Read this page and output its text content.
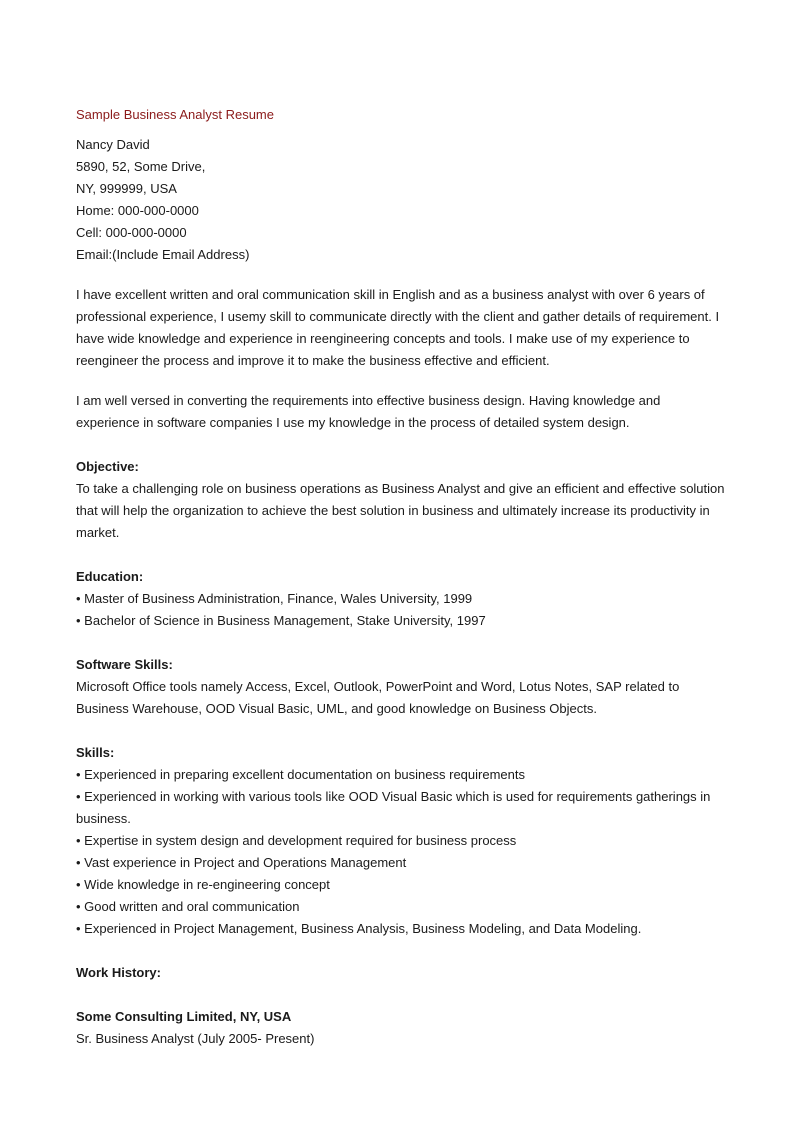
Sample Business Analyst Resume
Nancy David
5890, 52, Some Drive,
NY, 999999, USA
Home: 000-000-0000
Cell: 000-000-0000
Email:(Include Email Address)

I have excellent written and oral communication skill in English and as a business analyst with over 6 years of professional experience, I usemy skill to communicate directly with the client and gather details of requirement. I have wide knowledge and experience in reengineering concepts and tools. I make use of my experience to reengineer the process and improve it to make the business effective and efficient.

I am well versed in converting the requirements into effective business design. Having knowledge and experience in software companies I use my knowledge in the process of detailed system design.

Objective:

To take a challenging role on business operations as Business Analyst and give an efficient and effective solution that will help the organization to achieve the best solution in business and ultimately increase its productivity in market.

Education:
• Master of Business Administration, Finance, Wales University, 1999
• Bachelor of Science in Business Management, Stake University, 1997
Software Skills:

Microsoft Office tools namely Access, Excel, Outlook, PowerPoint and Word, Lotus Notes, SAP related to Business Warehouse, OOD Visual Basic, UML, and good knowledge on Business Objects.

Skills:
• Experienced in preparing excellent documentation on business requirements
• Experienced in working with various tools like OOD Visual Basic which is used for requirements gatherings in business.
• Expertise in system design and development required for business process
• Vast experience in Project and Operations Management
• Wide knowledge in re-engineering concept
• Good written and oral communication
• Experienced in Project Management, Business Analysis, Business Modeling, and Data Modeling.
Work History:
Some Consulting Limited, NY, USA
Sr. Business Analyst (July 2005- Present)
